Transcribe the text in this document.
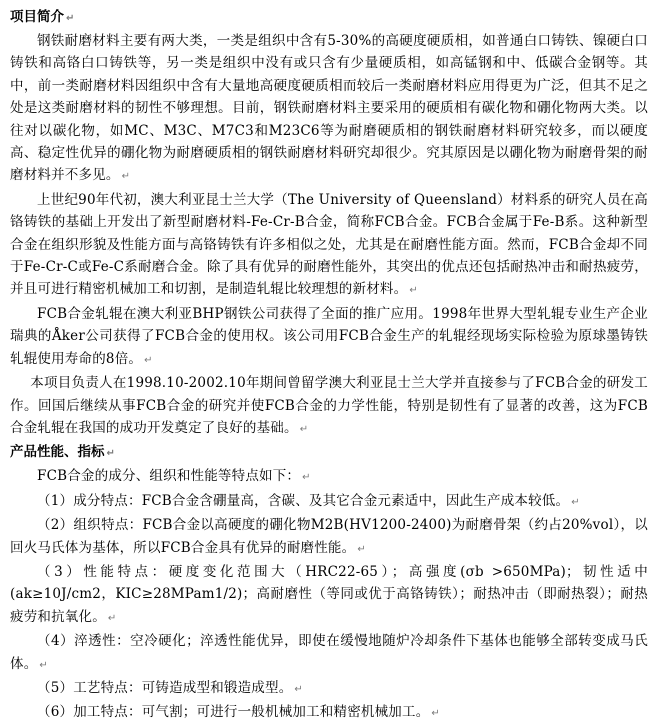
项目简介 ↵

钢铁耐磨材料主要有两大类，一类是组织中含有5-30%的高硬度硬质相，如普通白口铸铁、镍硬白口铸铁和高铬白口铸铁等，另一类是组织中没有或只含有少量硬质相，如高锰钢和中、低碳合金钢等。其中，前一类耐磨材料因组织中含有大量地高硬度硬质相而较后一类耐磨材料应用得更为广泛，但其不足之处是这类耐磨材料的韧性不够理想。目前，钢铁耐磨材料主要采用的硬质相有碳化物和硼化物两大类。以往对以碳化物，如MC、M3C、M7C3和M23C6等为耐磨硬质相的钢铁耐磨材料研究较多，而以硬度高、稳定性优异的硼化物为耐磨硬质相的钢铁耐磨材料研究却很少。究其原因是以硼化物为耐磨骨架的耐磨材料并不多见。 ↵

上世纪90年代初，澳大利亚昆士兰大学（The University of Queensland）材料系的研究人员在高铬铸铁的基础上开发出了新型耐磨材料-Fe-Cr-B合金，简称FCB合金。FCB合金属于Fe-B系。这种新型合金在组织形貌及性能方面与高铬铸铁有许多相似之处，尤其是在耐磨性能方面。然而，FCB合金却不同于Fe-Cr-C或Fe-C系耐磨合金。除了具有优异的耐磨性能外，其突出的优点还包括耐热冲击和耐热疲劳，并且可进行精密机械加工和切割，是制造轧辊比较理想的新材料。 ↵

FCB合金轧辊在澳大利亚BHP钢铁公司获得了全面的推广应用。1998年世界大型轧辊专业生产企业瑞典的Åker公司获得了FCB合金的使用权。该公司用FCB合金生产的轧辊经现场实际检验为原球墨铸铁轧辊使用寿命的8倍。 ↵

本项目负责人在1998.10-2002.10年期间曾留学澳大利亚昆士兰大学并直接参与了FCB合金的研发工作。回国后继续从事FCB合金的研究并使FCB合金的力学性能，特别是韧性有了显著的改善，这为FCB合金轧辊在我国的成功开发奠定了良好的基础。 ↵

产品性能、指标 ↵

FCB合金的成分、组织和性能等特点如下： ↵

（1）成分特点：FCB合金含硼量高，含碳、及其它合金元素适中，因此生产成本较低。 ↵

（2）组织特点：FCB合金以高硬度的硼化物M2B(HV1200-2400)为耐磨骨架（约占20%vol），以回火马氏体为基体，所以FCB合金具有优异的耐磨性能。 ↵

（3）性能特点：硬度变化范围大（HRC22-65）；高强度(σb >650MPa)；韧性适中(ak≥10J/cm2，KIC≥28MPam1/2)；高耐磨性（等同或优于高铬铸铁）；耐热冲击（即耐热裂）；耐热疲劳和抗氧化。 ↵

（4）淬透性：空冷硬化；淬透性能优异，即使在缓慢地随炉冷却条件下基体也能够全部转变成马氏体。 ↵

（5）工艺特点：可铸造成型和锻造成型。 ↵

（6）加工特点：可气割；可进行一般机械加工和精密机械加工。 ↵
